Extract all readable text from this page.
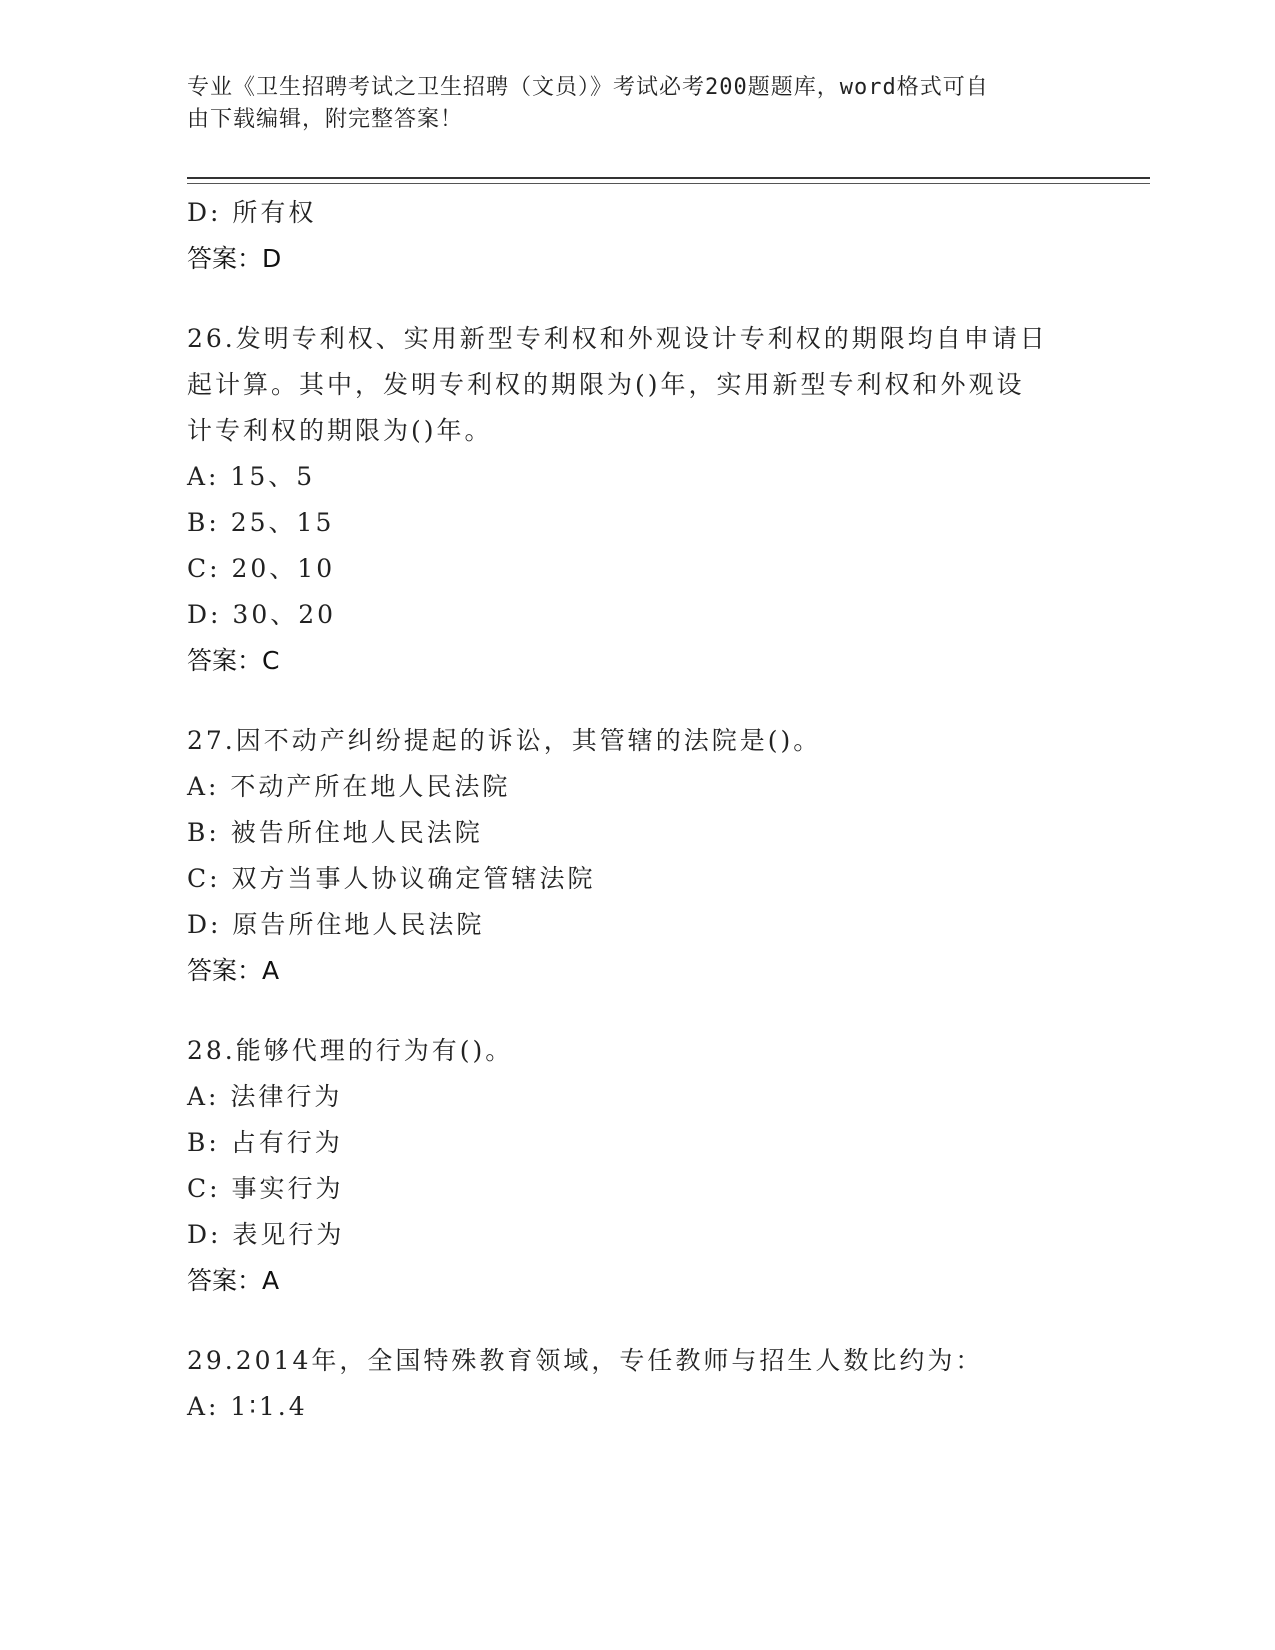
专业《卫生招聘考试之卫生招聘（文员）》考试必考200题题库，word格式可自
由下载编辑，附完整答案！
D: 所有权
答案：D
26.发明专利权、实用新型专利权和外观设计专利权的期限均自申请日
起计算。其中，发明专利权的期限为()年，实用新型专利权和外观设
计专利权的期限为()年。
A: 15、5
B: 25、15
C: 20、10
D: 30、20
答案：C
27.因不动产纠纷提起的诉讼，其管辖的法院是()。
A: 不动产所在地人民法院
B: 被告所住地人民法院
C: 双方当事人协议确定管辖法院
D: 原告所住地人民法院
答案：A
28.能够代理的行为有()。
A: 法律行为
B: 占有行为
C: 事实行为
D: 表见行为
答案：A
29.2014年，全国特殊教育领域，专任教师与招生人数比约为：
A: 1∶1.4
